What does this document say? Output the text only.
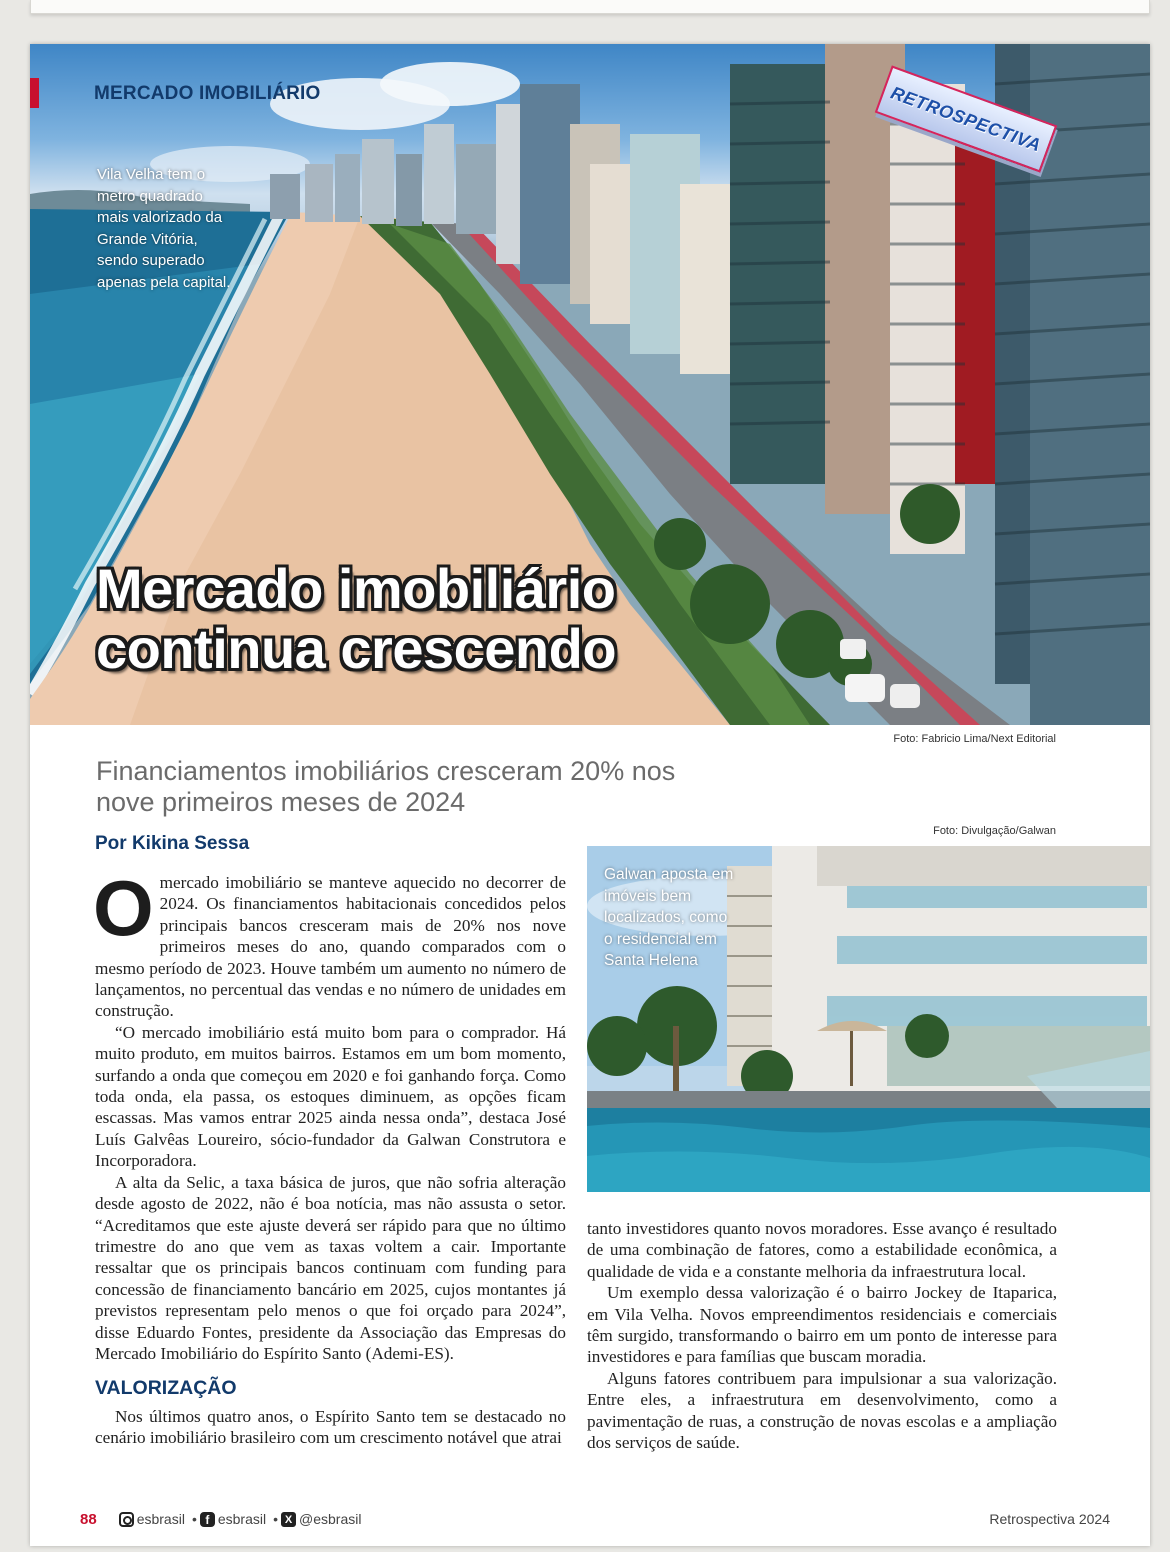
MERCADO IMOBILIÁRIO
Vila Velha tem o metro quadrado mais valorizado da Grande Vitória, sendo superado apenas pela capital.
RETROSPECTIVA
Mercado imobiliário
continua crescendo
Foto: Fabricio Lima/Next Editorial
Financiamentos imobiliários cresceram 20% nos nove primeiros meses de 2024
Por Kikina Sessa

Omercado imobiliário se manteve aquecido no decorrer de 2024. Os financiamentos habitacionais concedidos pelos principais bancos cresceram mais de 20% nos nove primeiros meses do ano, quando comparados com o mesmo período de 2023. Houve também um aumento no número de lançamentos, no percentual das vendas e no número de unidades em construção.

“O mercado imobiliário está muito bom para o comprador. Há muito produto, em muitos bairros. Estamos em um bom momento, surfando a onda que começou em 2020 e foi ganhando força. Como toda onda, ela passa, os estoques diminuem, as opções ficam escassas. Mas vamos entrar 2025 ainda nessa onda”, destaca José Luís Galvêas Loureiro, sócio-fundador da Galwan Construtora e Incorporadora.

A alta da Selic, a taxa básica de juros, que não sofria alteração desde agosto de 2022, não é boa notícia, mas não assusta o setor. “Acreditamos que este ajuste deverá ser rápido para que no último trimestre do ano que vem as taxas voltem a cair. Importante ressaltar que os principais bancos continuam com funding para concessão de financiamento bancário em 2025, cujos montantes já previstos representam pelo menos o que foi orçado para 2024”, disse Eduardo Fontes, presidente da Associação das Empresas do Mercado Imobiliário do Espírito Santo (Ademi-ES).

VALORIZAÇÃO

Nos últimos quatro anos, o Espírito Santo tem se destacado no cenário imobiliário brasileiro com um crescimento notável que atrai

Foto: Divulgação/Galwan
Galwan aposta em imóveis bem localizados, como o residencial em Santa Helena

tanto investidores quanto novos moradores. Esse avanço é resultado de uma combinação de fatores, como a estabilidade econômica, a qualidade de vida e a constante melhoria da infraestrutura local.

Um exemplo dessa valorização é o bairro Jockey de Itaparica, em Vila Velha. Novos empreendimentos residenciais e comerciais têm surgido, transformando o bairro em um ponto de interesse para investidores e para famílias que buscam moradia.

Alguns fatores contribuem para impulsionar a sua valorização. Entre eles, a infraestrutura em desenvolvimento, como a pavimentação de ruas, a construção de novas escolas e a ampliação dos serviços de saúde.

88	esbrasil • f esbrasil • X @esbrasil	Retrospectiva 2024
